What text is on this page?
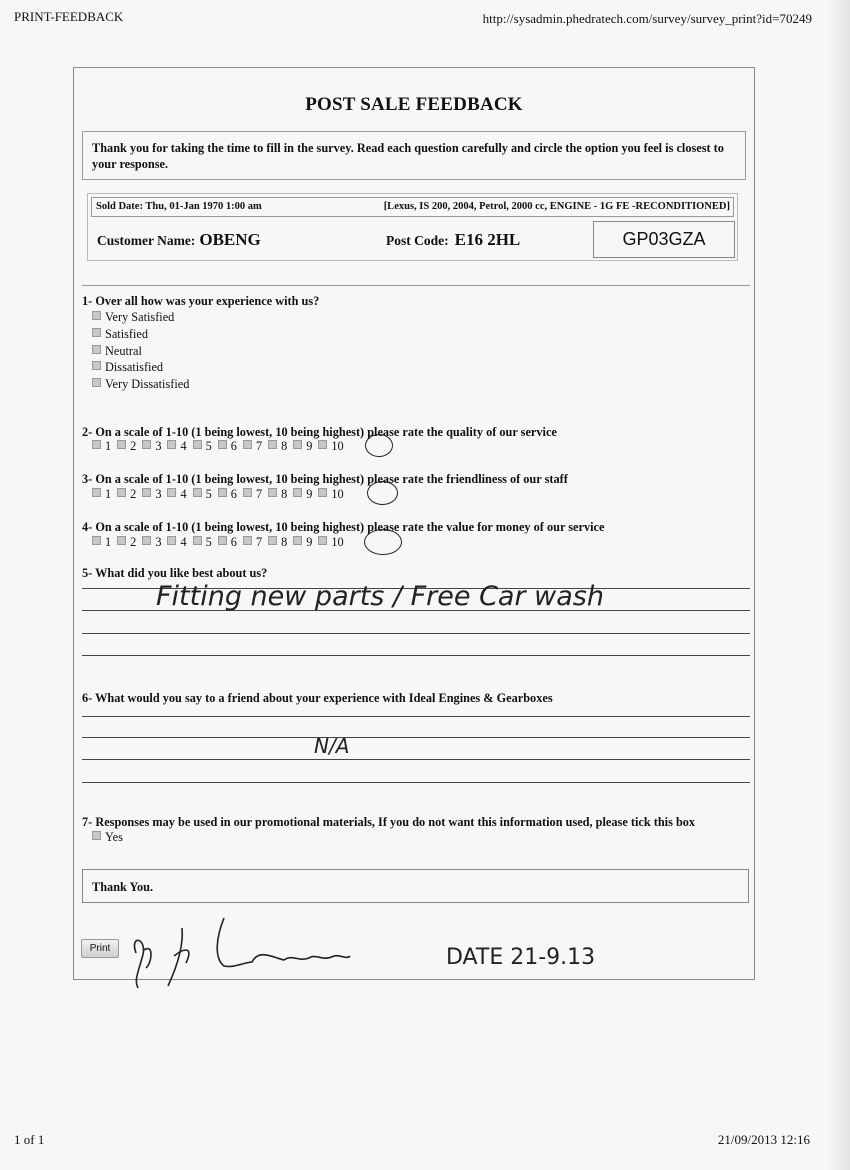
PRINT-FEEDBACK	http://sysadmin.phedratech.com/survey/survey_print?id=70249
POST SALE FEEDBACK
Thank you for taking the time to fill in the survey. Read each question carefully and circle the option you feel is closest to your response.
Sold Date: Thu, 01-Jan 1970 1:00 am	[Lexus, IS 200, 2004, Petrol, 2000 cc, ENGINE - 1G FE -RECONDITIONED]
Customer Name: OBENG	Post Code: E16 2HL	GP03GZA
1- Over all how was your experience with us?
Very Satisfied
Satisfied
Neutral
Dissatisfied
Very Dissatisfied
2- On a scale of 1-10 (1 being lowest, 10 being highest) please rate the quality of our service
1 2 3 4 5 6 7 8 9 10
3- On a scale of 1-10 (1 being lowest, 10 being highest) please rate the friendliness of our staff
1 2 3 4 5 6 7 8 9 10
4- On a scale of 1-10 (1 being lowest, 10 being highest) please rate the value for money of our service
1 2 3 4 5 6 7 8 9 10
5- What did you like best about us?
Fitting new parts / Free Car wash
6- What would you say to a friend about your experience with Ideal Engines & Gearboxes
N/A
7- Responses may be used in our promotional materials, If you do not want this information used, please tick this box
Yes
Thank You.
Print	DATE 21-9.13
1 of 1	21/09/2013 12:16
